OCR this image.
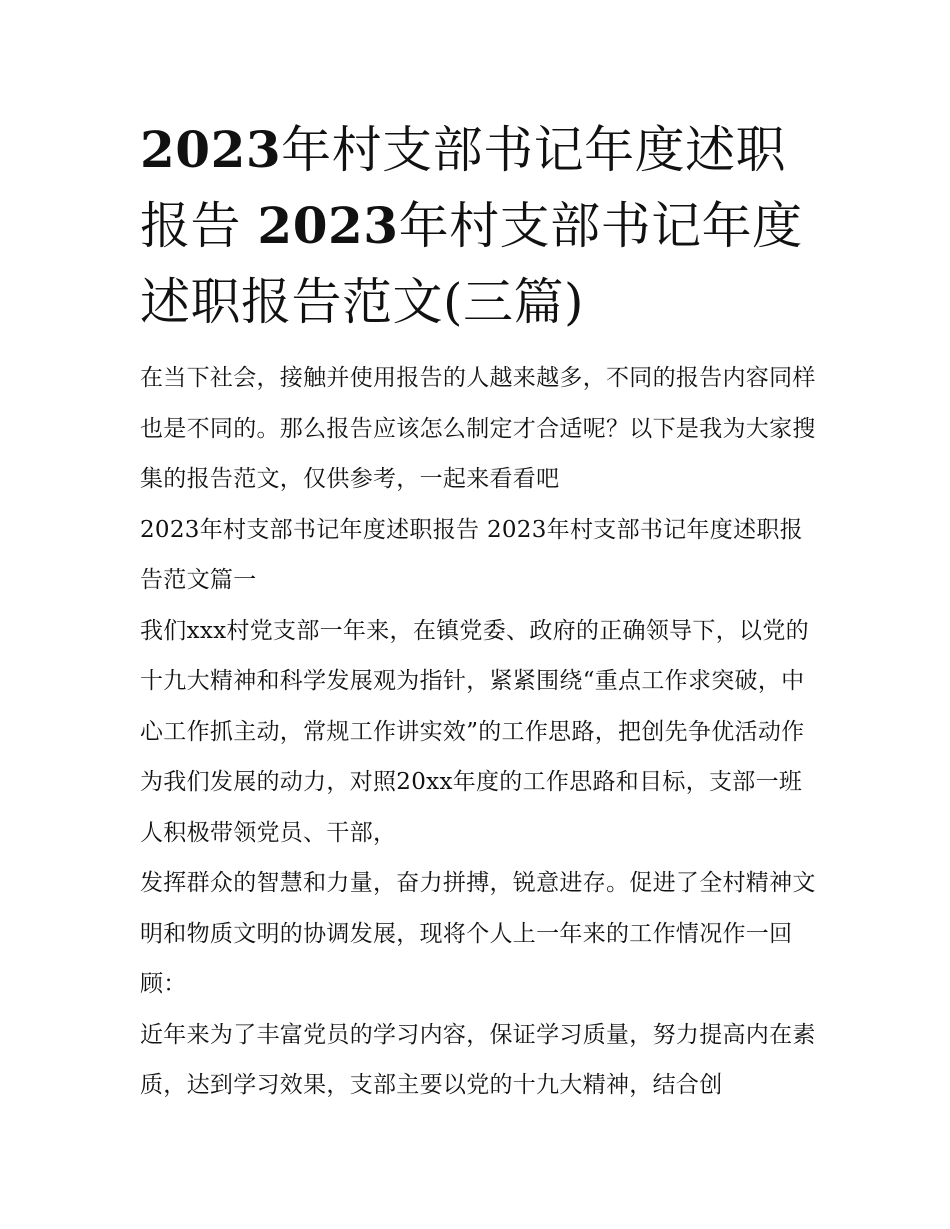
2023年村支部书记年度述职报告 2023年村支部书记年度述职报告范文(三篇)

在当下社会，接触并使用报告的人越来越多，不同的报告内容同样也是不同的。那么报告应该怎么制定才合适呢？以下是我为大家搜集的报告范文，仅供参考，一起来看看吧

2023年村支部书记年度述职报告 2023年村支部书记年度述职报告范文篇一

我们xxx村党支部一年来，在镇党委、政府的正确领导下，以党的十九大精神和科学发展观为指针，紧紧围绕“重点工作求突破，中心工作抓主动，常规工作讲实效”的工作思路，把创先争优活动作为我们发展的动力，对照20xx年度的工作思路和目标，支部一班人积极带领党员、干部，

发挥群众的智慧和力量，奋力拼搏，锐意进存。促进了全村精神文明和物质文明的协调发展，现将个人上一年来的工作情况作一回顾：

近年来为了丰富党员的学习内容，保证学习质量，努力提高内在素质，达到学习效果，支部主要以党的十九大精神，结合创
